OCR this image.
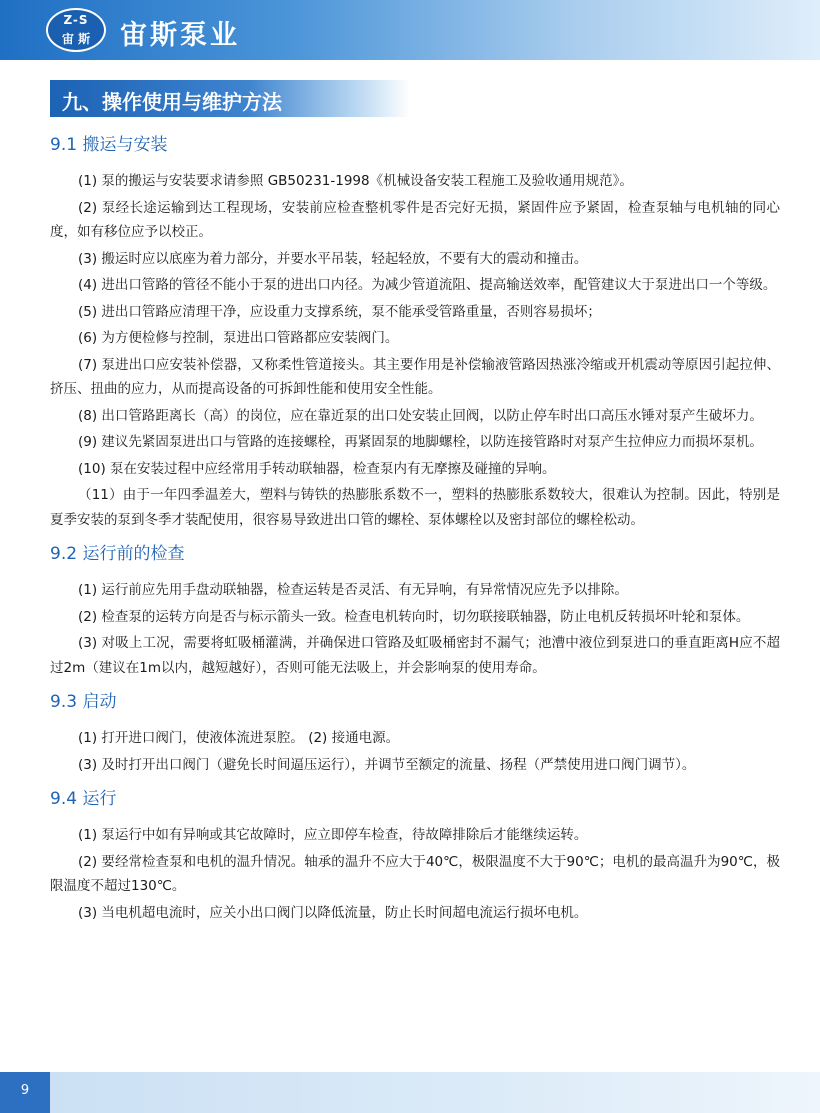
Z-S
宙 斯	宙斯泵业
九、操作使用与维护方法
9.1 搬运与安装

(1) 泵的搬运与安装要求请参照 GB50231-1998《机械设备安装工程施工及验收通用规范》。

(2) 泵经长途运输到达工程现场，安装前应检查整机零件是否完好无损，紧固件应予紧固，检查泵轴与电机轴的同心度，如有移位应予以校正。

(3) 搬运时应以底座为着力部分，并要水平吊装，轻起轻放，不要有大的震动和撞击。

(4) 进出口管路的管径不能小于泵的进出口内径。为减少管道流阻、提高输送效率，配管建议大于泵进出口一个等级。

(5) 进出口管路应清理干净，应设重力支撑系统，泵不能承受管路重量，否则容易损坏；

(6) 为方便检修与控制，泵进出口管路都应安装阀门。

(7) 泵进出口应安装补偿器，又称柔性管道接头。其主要作用是补偿输液管路因热涨冷缩或开机震动等原因引起拉伸、挤压、扭曲的应力，从而提高设备的可拆卸性能和使用安全性能。

(8) 出口管路距离长（高）的岗位，应在靠近泵的出口处安装止回阀，以防止停车时出口高压水锤对泵产生破坏力。

(9) 建议先紧固泵进出口与管路的连接螺栓，再紧固泵的地脚螺栓，以防连接管路时对泵产生拉伸应力而损坏泵机。

(10) 泵在安装过程中应经常用手转动联轴器，检查泵内有无摩擦及碰撞的异响。

（11）由于一年四季温差大，塑料与铸铁的热膨胀系数不一，塑料的热膨胀系数较大，很难认为控制。因此，特别是夏季安装的泵到冬季才装配使用，很容易导致进出口管的螺栓、泵体螺栓以及密封部位的螺栓松动。

9.2 运行前的检查

(1) 运行前应先用手盘动联轴器，检查运转是否灵活、有无异响，有异常情况应先予以排除。

(2) 检查泵的运转方向是否与标示箭头一致。检查电机转向时，切勿联接联轴器，防止电机反转损坏叶轮和泵体。

(3) 对吸上工况，需要将虹吸桶灌满，并确保进口管路及虹吸桶密封不漏气；池漕中液位到泵进口的垂直距离H应不超过2m（建议在1m以内，越短越好），否则可能无法吸上，并会影响泵的使用寿命。

9.3 启动

(1) 打开进口阀门，使液体流进泵腔。 (2) 接通电源。

(3) 及时打开出口阀门（避免长时间逼压运行），并调节至额定的流量、扬程（严禁使用进口阀门调节）。

9.4 运行

(1) 泵运行中如有异响或其它故障时，应立即停车检查，待故障排除后才能继续运转。

(2) 要经常检查泵和电机的温升情况。轴承的温升不应大于40℃，极限温度不大于90℃；电机的最高温升为90℃，极限温度不超过130℃。

(3) 当电机超电流时，应关小出口阀门以降低流量，防止长时间超电流运行损坏电机。

9
